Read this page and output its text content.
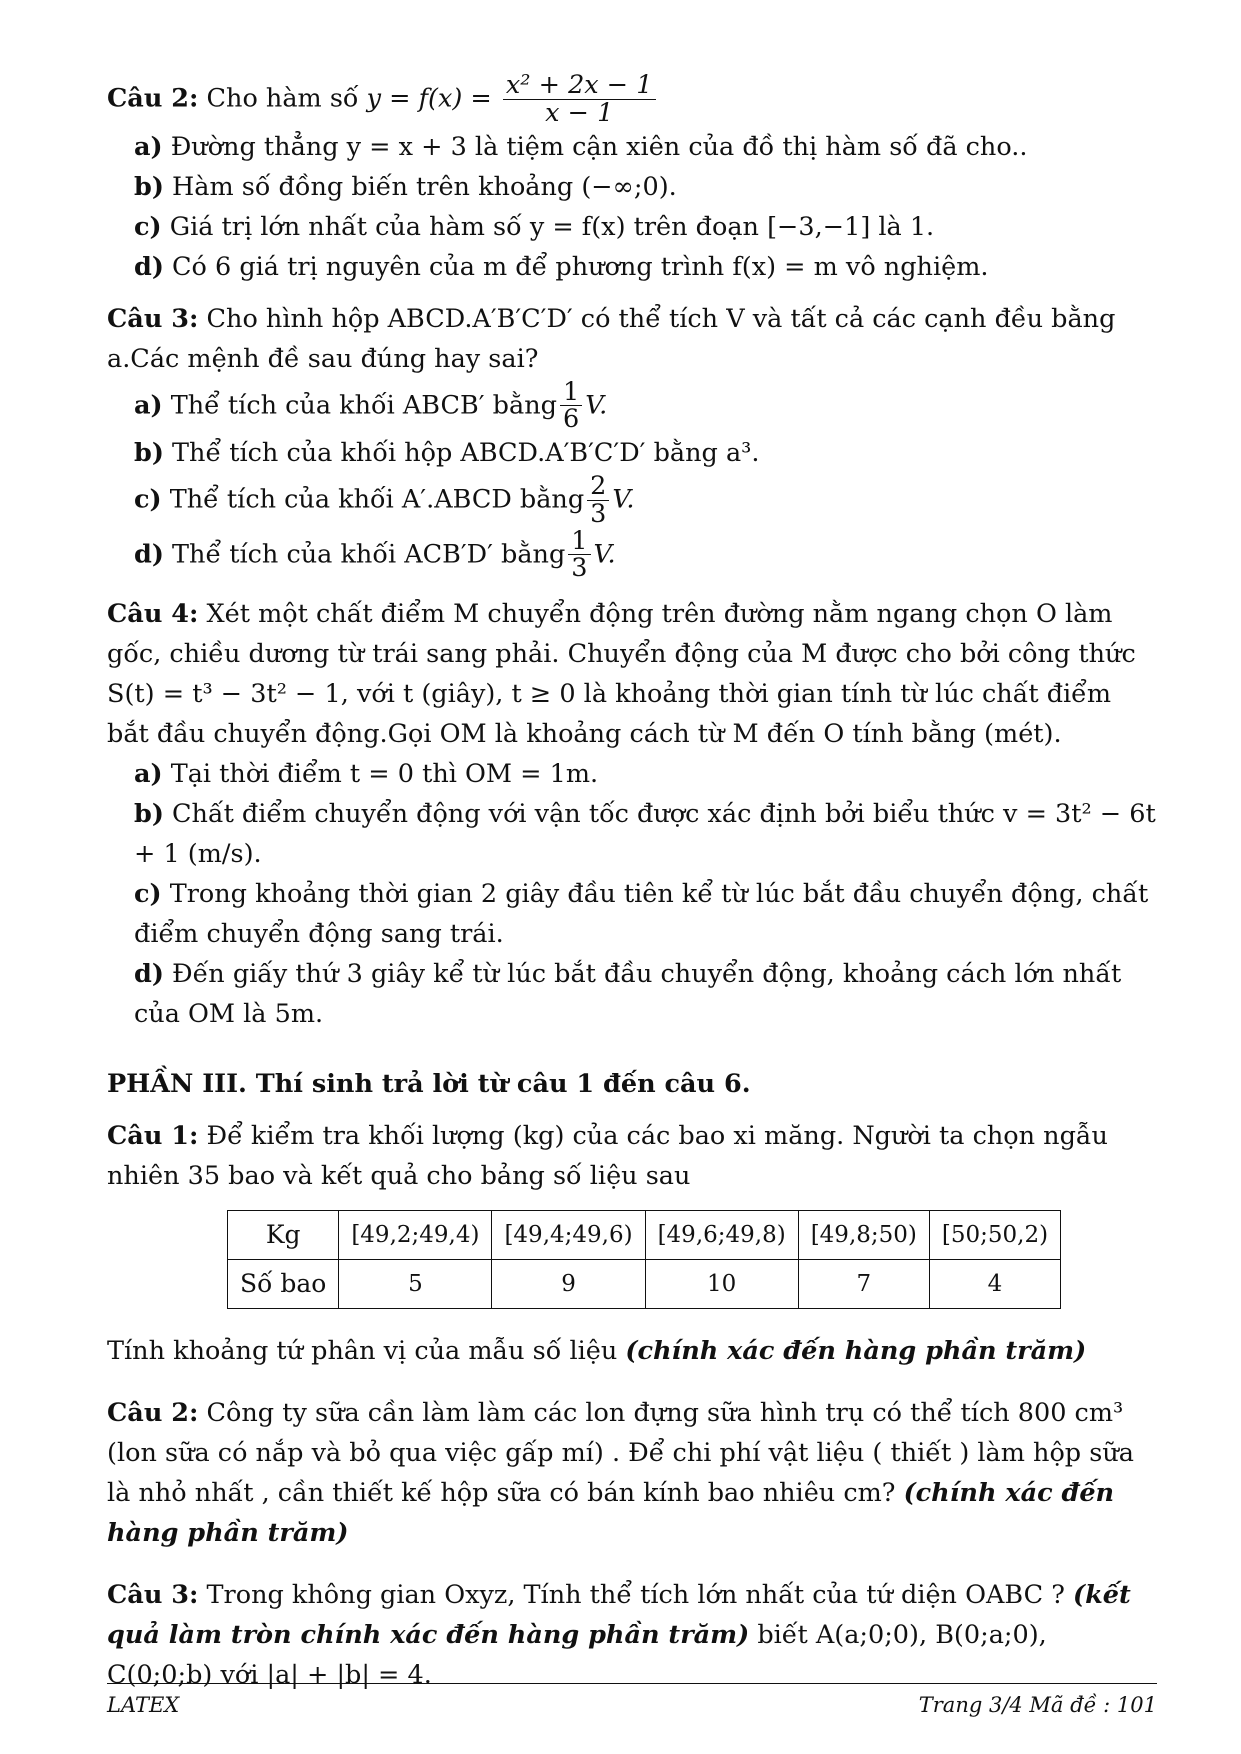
Câu 2: Cho hàm số $y = f(x) = \frac{\text{x² + 2x − 1}}{x - 1}$

a) Đường thẳng y = x + 3 là tiệm cận xiên của đồ thị hàm số đã cho..

b) Hàm số đồng biến trên khoảng (−∞;0).

c) Giá trị lớn nhất của hàm số y = f(x) trên đoạn [−3,−1] là 1.

d) Có 6 giá trị nguyên của m để phương trình f(x) = m vô nghiệm.

Câu 3: Cho hình hộp ABCD.A′B′C′D′ có thể tích V và tất cả các cạnh đều bằng a.Các mệnh đề sau đúng hay sai?

a) Thể tích của khối ABCB′ bằng $\frac{1}{6} V$.

b) Thể tích của khối hộp ABCD.A′B′C′D′ bằng a³.

c) Thể tích của khối A′.ABCD bằng $\frac{2}{3} V$.

d) Thể tích của khối ACB′D′ bằng $\frac{1}{3} V$.

Câu 4: Xét một chất điểm M chuyển động trên đường nằm ngang chọn O làm gốc, chiều dương từ trái sang phải. Chuyển động của M được cho bởi công thức S(t) = t³ − 3t² − 1, với t (giây), t ≥ 0 là khoảng thời gian tính từ lúc chất điểm bắt đầu chuyển động.Gọi OM là khoảng cách từ M đến O tính bằng (mét).

a) Tại thời điểm t = 0 thì OM = 1m.

b) Chất điểm chuyển động với vận tốc được xác định bởi biểu thức v = 3t² − 6t + 1 (m/s).

c) Trong khoảng thời gian 2 giây đầu tiên kể từ lúc bắt đầu chuyển động, chất điểm chuyển động sang trái.

d) Đến giấy thứ 3 giây kể từ lúc bắt đầu chuyển động, khoảng cách lớn nhất của OM là 5m.

PHẦN III. Thí sinh trả lời từ câu 1 đến câu 6.

Câu 1: Để kiểm tra khối lượng (kg) của các bao xi măng. Người ta chọn ngẫu nhiên 35 bao và kết quả cho bảng số liệu sau

Kg	[49,2;49,4)	[49,4;49,6)	[49,6;49,8)	[49,8;50)	[50;50,2)
Số bao	5	9	10	7	4

Tính khoảng tứ phân vị của mẫu số liệu (chính xác đến hàng phần trăm)

Câu 2: Công ty sữa cần làm làm các lon đựng sữa hình trụ có thể tích 800 cm³ (lon sữa có nắp và bỏ qua việc gấp mí) . Để chi phí vật liệu ( thiết ) làm hộp sữa là nhỏ nhất , cần thiết kế hộp sữa có bán kính bao nhiêu cm? (chính xác đến hàng phần trăm)

Câu 3: Trong không gian Oxyz, Tính thể tích lớn nhất của tứ diện OABC ? (kết quả làm tròn chính xác đến hàng phần trăm) biết A(a;0;0), B(0;a;0), C(0;0;b) với |a| + |b| = 4.

LATEX	Trang 3/4 Mã đề : 101
